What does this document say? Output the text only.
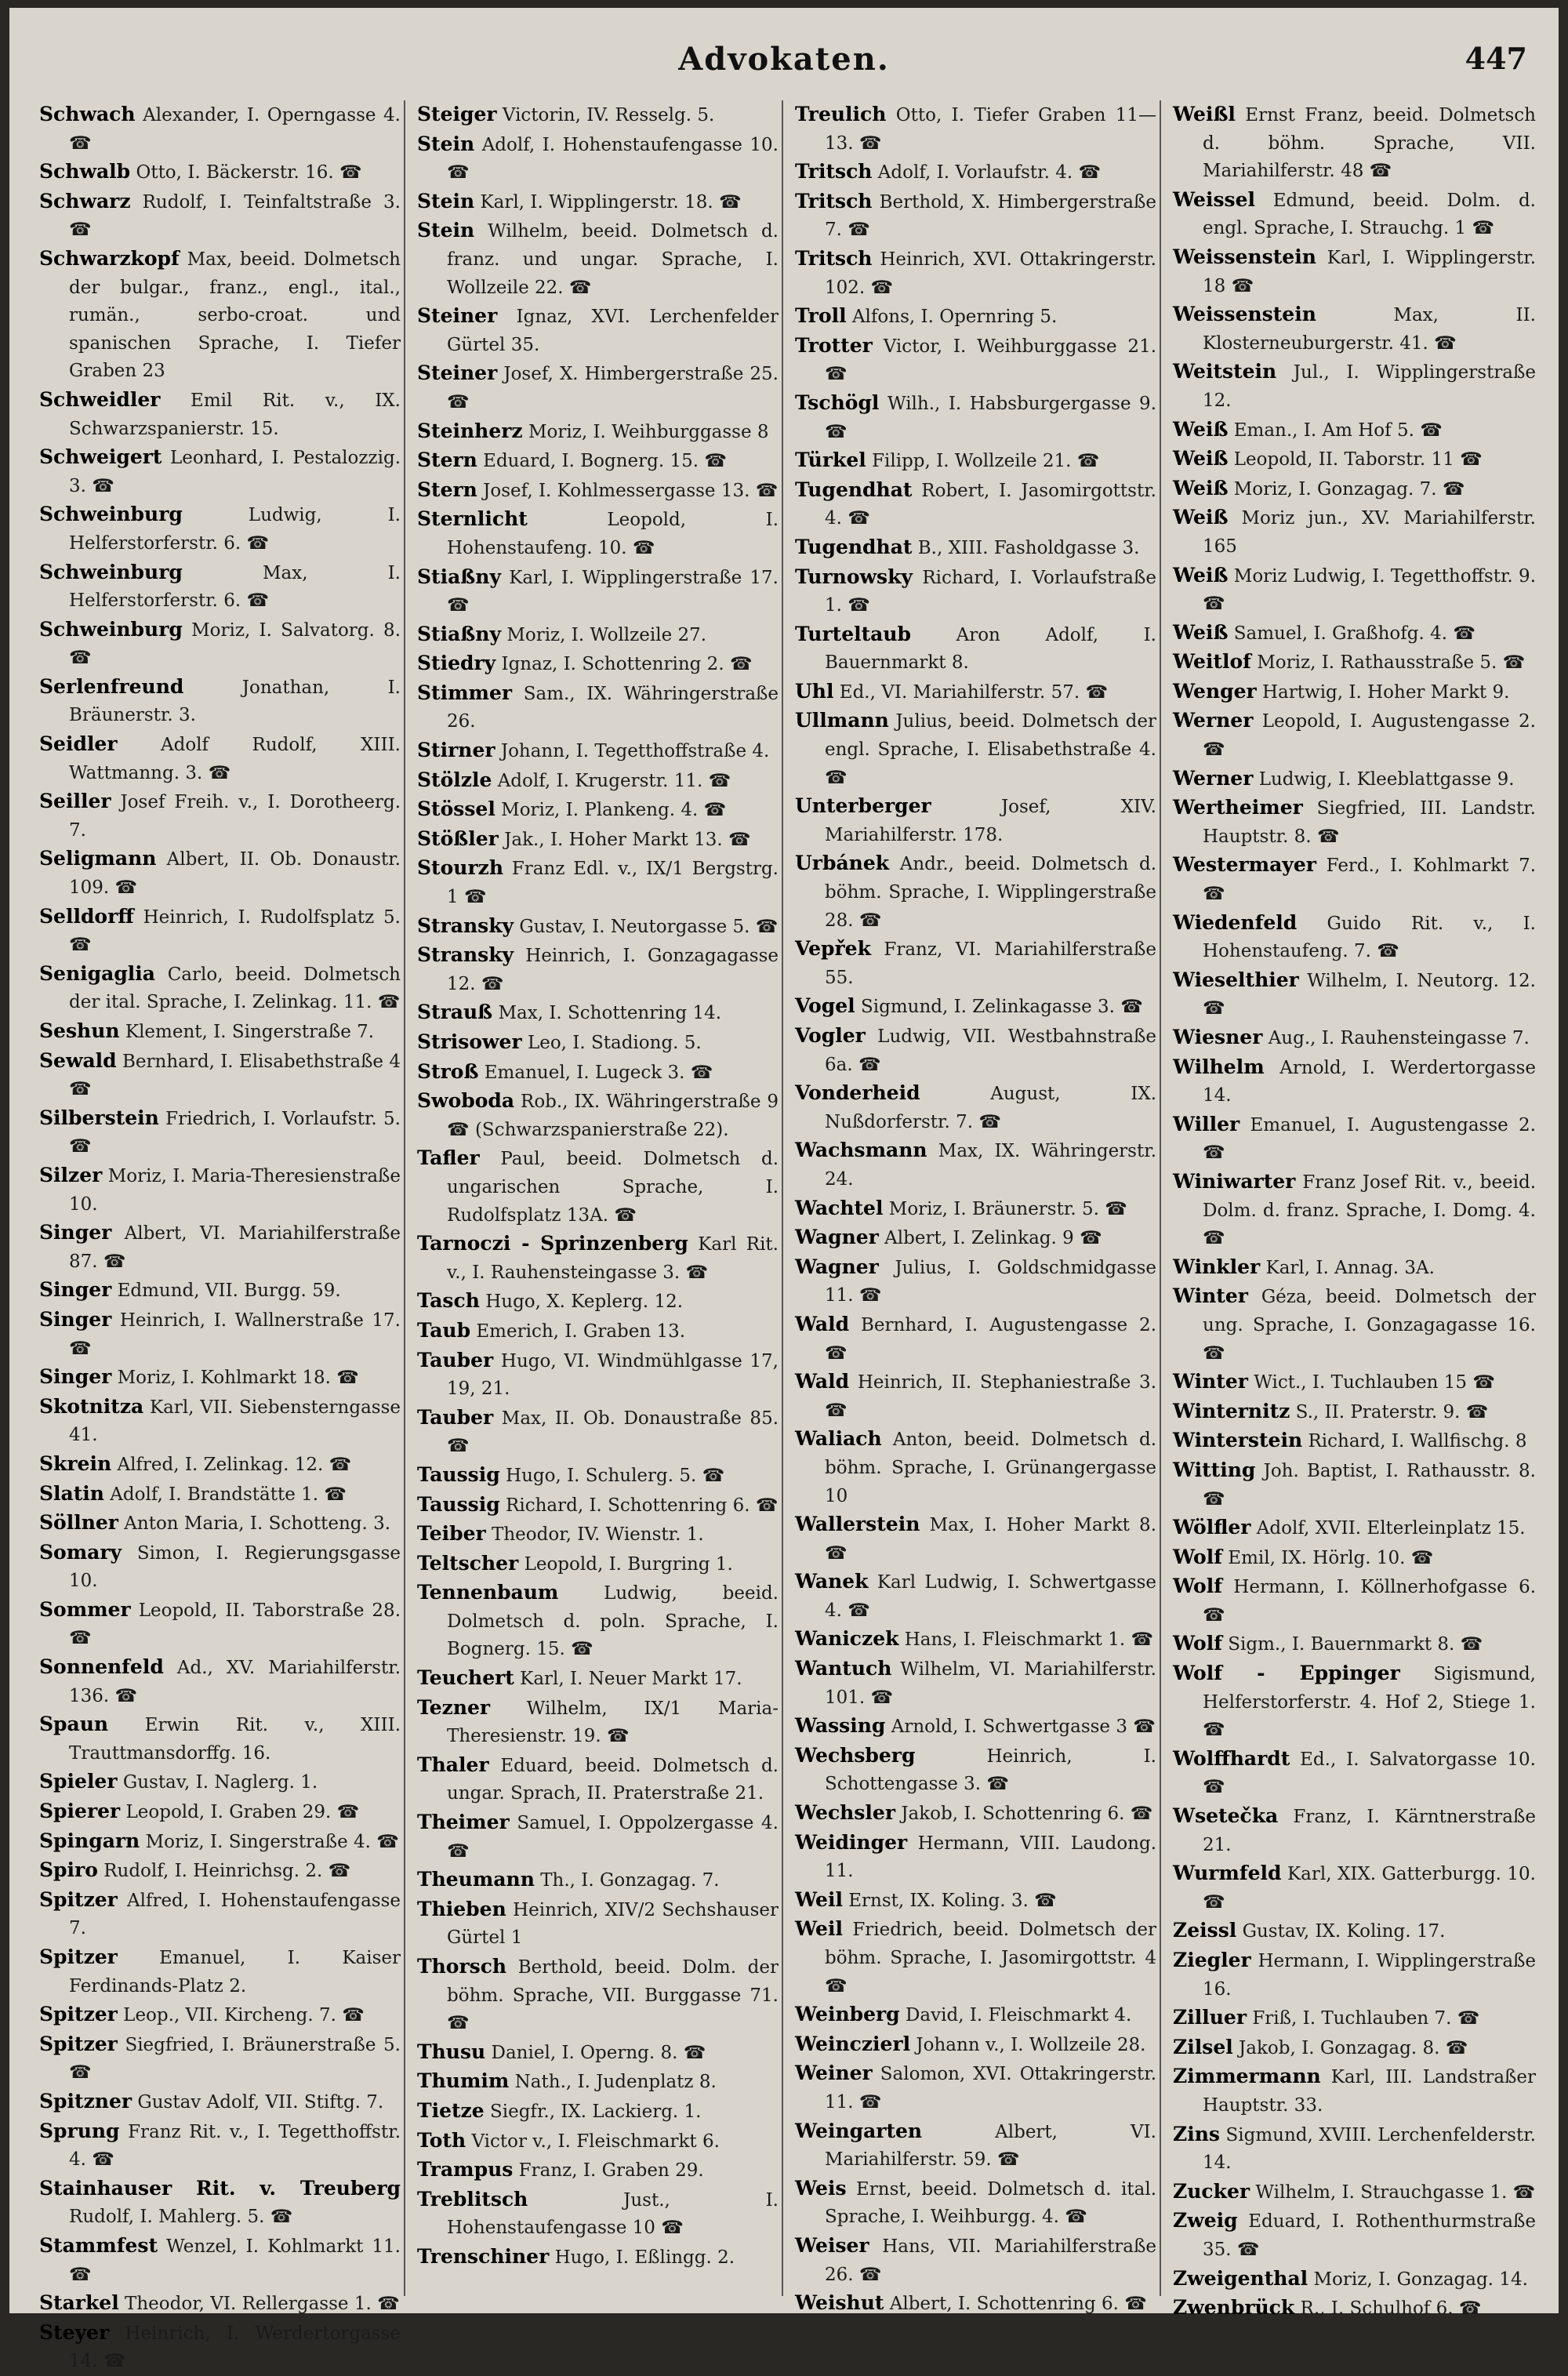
Advokaten.	447
Schwach Alexander, I. Operngasse 4. ☎
Schwalb Otto, I. Bäckerstr. 16. ☎
Schwarz Rudolf, I. Teinfaltstraße 3. ☎
Schwarzkopf Max, beeid. Dolmetsch der bulgar., franz., engl., ital., rumän., serbo-croat. und spanischen Sprache, I. Tiefer Graben 23
Schweidler Emil Rit. v., IX. Schwarzspanierstr. 15.
Schweigert Leonhard, I. Pestalozzig. 3. ☎
Schweinburg	Ludwig, I. Helferstorferstr. 6. ☎
Schweinburg	Max, I. Helferstorferstr. 6. ☎
Schweinburg Moriz, I. Salvatorg. 8. ☎
Serlenfreund	Jonathan, I. Bräunerstr. 3.
Seidler Adolf Rudolf, XIII. Wattmanng. 3. ☎
Seiller Josef Freih. v., I. Dorotheerg. 7.
Seligmann Albert, II. Ob. Donaustr. 109. ☎
Selldorff Heinrich, I. Rudolfsplatz 5. ☎
Senigaglia Carlo, beeid. Dolmetsch der ital. Sprache, I. Zelinkag. 11. ☎
Seshun Klement, I. Singerstraße 7.
Sewald Bernhard, I. Elisabethstraße 4 ☎
Silberstein Friedrich, I. Vorlaufstr. 5. ☎
Silzer Moriz, I. Maria-Theresienstraße 10.
Singer Albert, VI. Mariahilferstraße 87. ☎
Singer Edmund, VII. Burgg. 59.
Singer Heinrich, I. Wallnerstraße 17. ☎
Singer Moriz, I. Kohlmarkt 18. ☎
Skotnitza Karl, VII. Siebensterngasse 41.
Skrein Alfred, I. Zelinkag. 12. ☎
Slatin Adolf, I. Brandstätte 1. ☎
Söllner Anton Maria, I. Schotteng. 3.
Somary Simon, I. Regierungsgasse 10.
Sommer Leopold, II. Taborstraße 28. ☎
Sonnenfeld Ad., XV. Mariahilferstr. 136. ☎
Spaun Erwin Rit. v., XIII. Trauttmansdorffg. 16.
Spieler Gustav, I. Naglerg. 1.
Spierer Leopold, I. Graben 29. ☎
Spingarn Moriz, I. Singerstraße 4. ☎
Spiro Rudolf, I. Heinrichsg. 2. ☎
Spitzer Alfred, I. Hohenstaufengasse 7.
Spitzer Emanuel, I. Kaiser Ferdinands-Platz 2.
Spitzer Leop., VII. Kircheng. 7. ☎
Spitzer Siegfried, I. Bräunerstraße 5. ☎
Spitzner Gustav Adolf, VII. Stiftg. 7.
Sprung Franz Rit. v., I. Tegetthoffstr. 4. ☎
Stainhauser Rit. v. Treuberg Rudolf, I. Mahlerg. 5. ☎
Stammfest Wenzel, I. Kohlmarkt 11. ☎
Starkel Theodor, VI. Rellergasse 1. ☎
Steyer Heinrich, I. Werdertorgasse 14. ☎
Steiger Victorin, IV. Resselg. 5.
Stein Adolf, I. Hohenstaufengasse 10. ☎
Stein Karl, I. Wipplingerstr. 18. ☎
Stein Wilhelm, beeid. Dolmetsch d. franz. und ungar. Sprache, I. Wollzeile 22. ☎
Steiner Ignaz, XVI. Lerchenfelder Gürtel 35.
Steiner Josef, X. Himbergerstraße 25. ☎
Steinherz Moriz, I. Weihburggasse 8
Stern Eduard, I. Bognerg. 15. ☎
Stern Josef, I. Kohlmessergasse 13. ☎
Sternlicht	Leopold, I. Hohenstaufeng. 10. ☎
Stiaßny Karl, I. Wipplingerstraße 17. ☎
Stiaßny Moriz, I. Wollzeile 27.
Stiedry Ignaz, I. Schottenring 2. ☎
Stimmer Sam., IX. Währingerstraße 26.
Stirner Johann, I. Tegetthoffstraße 4.
Stölzle Adolf, I. Krugerstr. 11. ☎
Stössel Moriz, I. Plankeng. 4. ☎
Stößler Jak., I. Hoher Markt 13. ☎
Stourzh Franz Edl. v., IX/1 Bergstrg. 1 ☎
Stransky Gustav, I. Neutorgasse 5. ☎
Stransky Heinrich, I. Gonzagagasse 12. ☎
Strauß Max, I. Schottenring 14.
Strisower Leo, I. Stadiong. 5.
Stroß Emanuel, I. Lugeck 3. ☎
Swoboda Rob., IX. Währingerstraße 9 ☎ (Schwarzspanierstraße 22).
Tafler Paul, beeid. Dolmetsch d. ungarischen Sprache, I. Rudolfsplatz 13A. ☎
Tarnoczi - Sprinzenberg Karl Rit. v., I. Rauhensteingasse 3. ☎
Tasch Hugo, X. Keplerg. 12.
Taub Emerich, I. Graben 13.
Tauber Hugo, VI. Windmühlgasse 17, 19, 21.
Tauber Max, II. Ob. Donaustraße 85. ☎
Taussig Hugo, I. Schulerg. 5. ☎
Taussig Richard, I. Schottenring 6. ☎
Teiber Theodor, IV. Wienstr. 1.
Teltscher Leopold, I. Burgring 1.
Tennenbaum	Ludwig, beeid. Dolmetsch d. poln. Sprache, I. Bognerg. 15. ☎
Teuchert Karl, I. Neuer Markt 17.
Tezner Wilhelm, IX/1 Maria-Theresienstr. 19. ☎
Thaler Eduard, beeid. Dolmetsch d. ungar. Sprach, II. Praterstraße 21.
Theimer Samuel, I. Oppolzergasse 4. ☎
Theumann Th., I. Gonzagag. 7.
Thieben Heinrich, XIV/2 Sechshauser Gürtel 1
Thorsch Berthold, beeid. Dolm. der böhm. Sprache, VII. Burggasse 71. ☎
Thusu Daniel, I. Operng. 8. ☎
Thumim Nath., I. Judenplatz 8.
Tietze Siegfr., IX. Lackierg. 1.
Toth Victor v., I. Fleischmarkt 6.
Trampus Franz, I. Graben 29.
Treblitsch	Just., I. Hohenstaufengasse 10 ☎
Trenschiner Hugo, I. Eßlingg. 2.
Treulich Otto, I. Tiefer Graben 11—13. ☎
Tritsch Adolf, I. Vorlaufstr. 4. ☎
Tritsch Berthold, X. Himbergerstraße 7. ☎
Tritsch Heinrich, XVI. Ottakringerstr. 102. ☎
Troll Alfons, I. Opernring 5.
Trotter Victor, I. Weihburggasse 21. ☎
Tschögl Wilh., I. Habsburgergasse 9. ☎
Türkel Filipp, I. Wollzeile 21. ☎
Tugendhat Robert, I. Jasomirgottstr. 4. ☎
Tugendhat B., XIII. Fasholdgasse 3.
Turnowsky Richard, I. Vorlaufstraße 1. ☎
Turteltaub	Aron Adolf, I. Bauernmarkt 8.
Uhl Ed., VI. Mariahilferstr. 57. ☎
Ullmann Julius, beeid. Dolmetsch der engl. Sprache, I. Elisabethstraße 4. ☎
Unterberger	Josef, XIV. Mariahilferstr. 178.
Urbánek Andr., beeid. Dolmetsch d. böhm. Sprache, I. Wipplingerstraße 28. ☎
Vepřek Franz, VI. Mariahilferstraße 55.
Vogel Sigmund, I. Zelinkagasse 3. ☎
Vogler Ludwig, VII. Westbahnstraße 6a. ☎
Vonderheid	August, IX. Nußdorferstr. 7. ☎
Wachsmann Max, IX. Währingerstr. 24.
Wachtel Moriz, I. Bräunerstr. 5. ☎
Wagner Albert, I. Zelinkag. 9 ☎
Wagner Julius, I. Goldschmidgasse 11. ☎
Wald Bernhard, I. Augustengasse 2. ☎
Wald Heinrich, II. Stephaniestraße 3. ☎
Waliach Anton, beeid. Dolmetsch d. böhm. Sprache, I. Grünangergasse 10
Wallerstein Max, I. Hoher Markt 8. ☎
Wanek Karl Ludwig, I. Schwertgasse 4. ☎
Waniczek Hans, I. Fleischmarkt 1. ☎
Wantuch Wilhelm, VI. Mariahilferstr. 101. ☎
Wassing Arnold, I. Schwertgasse 3 ☎
Wechsberg	Heinrich, I. Schottengasse 3. ☎
Wechsler Jakob, I. Schottenring 6. ☎
Weidinger Hermann, VIII. Laudong. 11.
Weil Ernst, IX. Koling. 3. ☎
Weil Friedrich, beeid. Dolmetsch der böhm. Sprache, I. Jasomirgottstr. 4 ☎
Weinberg David, I. Fleischmarkt 4.
Weinczierl Johann v., I. Wollzeile 28.
Weiner Salomon, XVI. Ottakringerstr. 11. ☎
Weingarten	Albert, VI. Mariahilferstr. 59. ☎
Weis Ernst, beeid. Dolmetsch d. ital. Sprache, I. Weihburgg. 4. ☎
Weiser Hans, VII. Mariahilferstraße 26. ☎
Weishut Albert, I. Schottenring 6. ☎
Weißl Ernst Franz, beeid. Dolmetsch d. böhm. Sprache, VII. Mariahilferstr. 48 ☎
Weissel Edmund, beeid. Dolm. d. engl. Sprache, I. Strauchg. 1 ☎
Weissenstein Karl, I. Wipplingerstr. 18 ☎
Weissenstein	Max, II. Klosterneuburgerstr. 41. ☎
Weitstein Jul., I. Wipplingerstraße 12.
Weiß Eman., I. Am Hof 5. ☎
Weiß Leopold, II. Taborstr. 11 ☎
Weiß Moriz, I. Gonzagag. 7. ☎
Weiß Moriz jun., XV. Mariahilferstr. 165
Weiß Moriz Ludwig, I. Tegetthoffstr. 9. ☎
Weiß Samuel, I. Graßhofg. 4. ☎
Weitlof Moriz, I. Rathausstraße 5. ☎
Wenger Hartwig, I. Hoher Markt 9.
Werner Leopold, I. Augustengasse 2. ☎
Werner Ludwig, I. Kleeblattgasse 9.
Wertheimer Siegfried, III. Landstr. Hauptstr. 8. ☎
Westermayer Ferd., I. Kohlmarkt 7. ☎
Wiedenfeld Guido Rit. v., I. Hohenstaufeng. 7. ☎
Wieselthier Wilhelm, I. Neutorg. 12. ☎
Wiesner Aug., I. Rauhensteingasse 7.
Wilhelm Arnold, I. Werdertorgasse 14.
Willer Emanuel, I. Augustengasse 2. ☎
Winiwarter Franz Josef Rit. v., beeid. Dolm. d. franz. Sprache, I. Domg. 4. ☎
Winkler Karl, I. Annag. 3A.
Winter Géza, beeid. Dolmetsch der ung. Sprache, I. Gonzagagasse 16. ☎
Winter Wict., I. Tuchlauben 15 ☎
Winternitz S., II. Praterstr. 9. ☎
Winterstein Richard, I. Wallfischg. 8
Witting Joh. Baptist, I. Rathausstr. 8. ☎
Wölfler Adolf, XVII. Elterleinplatz 15.
Wolf Emil, IX. Hörlg. 10. ☎
Wolf Hermann, I. Köllnerhofgasse 6. ☎
Wolf Sigm., I. Bauernmarkt 8. ☎
Wolf - Eppinger Sigismund, Helferstorferstr. 4. Hof 2, Stiege 1. ☎
Wolffhardt Ed., I. Salvatorgasse 10. ☎
Wsetečka Franz, I. Kärntnerstraße 21.
Wurmfeld Karl, XIX. Gatterburgg. 10. ☎
Zeissl Gustav, IX. Koling. 17.
Ziegler Hermann, I. Wipplingerstraße 16.
Zilluer Friß, I. Tuchlauben 7. ☎
Zilsel Jakob, I. Gonzagag. 8. ☎
Zimmermann Karl, III. Landstraßer Hauptstr. 33.
Zins Sigmund, XVIII. Lerchenfelderstr. 14.
Zucker Wilhelm, I. Strauchgasse 1. ☎
Zweig Eduard, I. Rothenthurmstraße 35. ☎
Zweigenthal Moriz, I. Gonzagag. 14.
Zwenbrück R., I. Schulhof 6. ☎
